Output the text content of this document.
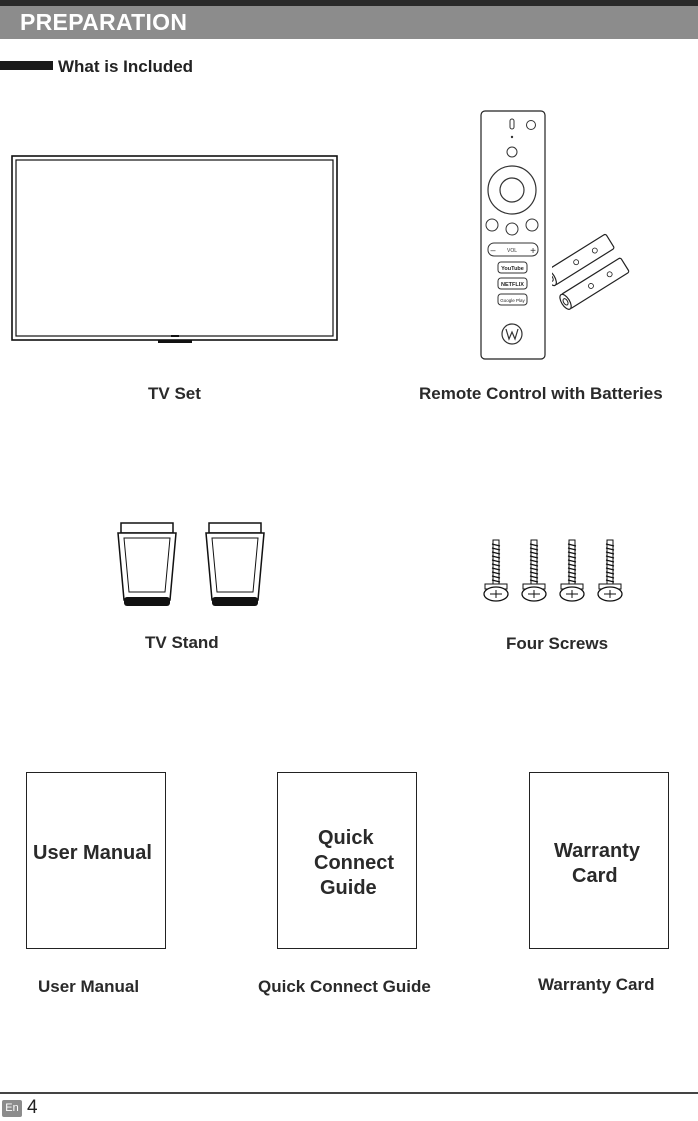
PREPARATION
What is Included
TV Set
VOL
–	+
YouTube
NETFLIX
Google Play
Remote Control with Batteries
TV Stand	Four Screws
User Manual
User Manual
Quick
Connect
Guide
Quick Connect Guide
Warranty
Card
Warranty Card
En 4
